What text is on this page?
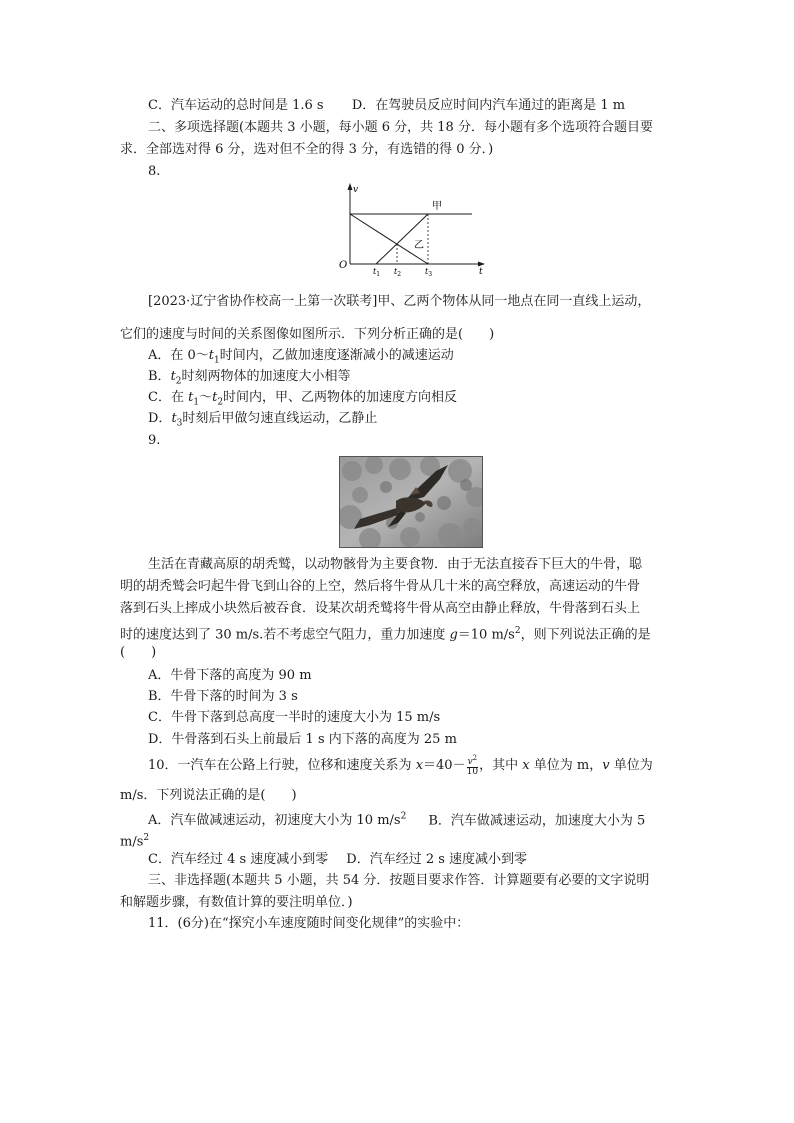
C．汽车运动的总时间是 1.6 s D．在驾驶员反应时间内汽车通过的距离是 1 m
二、多项选择题(本题共 3 小题，每小题 6 分，共 18 分．每小题有多个选项符合题目要
求．全部选对得 6 分，选对但不全的得 3 分，有选错的得 0 分．)
8.
v
t
O
甲
乙
$t_1$ $t_2$	$t_3$
[2023·辽宁省协作校高一上第一次联考]甲、乙两个物体从同一地点在同一直线上运动，
它们的速度与时间的关系图像如图所示．下列分析正确的是(　　)
A．在 $0\sim t_1$时间内，乙做加速度逐渐减小的减速运动
B．$t_2$时刻两物体的加速度大小相等
C．在 $t_1\sim t_2$时间内，甲、乙两物体的加速度方向相反
D．$t_3$时刻后甲做匀速直线运动，乙静止
9.
生活在青藏高原的胡秃鹫，以动物骸骨为主要食物．由于无法直接吞下巨大的牛骨，聪
明的胡秃鹫会叼起牛骨飞到山谷的上空，然后将牛骨从几十米的高空释放，高速运动的牛骨
落到石头上摔成小块然后被吞食．设某次胡秃鹫将牛骨从高空由静止释放，牛骨落到石头上
时的速度达到了 30 m/s.若不考虑空气阻力，重力加速度 g＝10 $m/s^2$，则下列说法正确的是
(　　)
A．牛骨下落的高度为 90 m
B．牛骨下落的时间为 3 s
C．牛骨下落到总高度一半时的速度大小为 15 m/s
D．牛骨落到石头上前最后 1 s 内下落的高度为 25 m
10．一汽车在公路上行驶，位移和速度关系为 $x=40- \frac{v^2}{10}$ ，其中 x 单位为 m，v 单位为
m/s．下列说法正确的是(　　)
A．汽车做减速运动，初速度大小为 10 $m/s^2$ B．汽车做减速运动，加速度大小为 5
$m/s^2$
C．汽车经过 4 s 速度减小到零 D．汽车经过 2 s 速度减小到零
三、非选择题(本题共 5 小题，共 54 分．按题目要求作答．计算题要有必要的文字说明
和解题步骤，有数值计算的要注明单位．)
11．(6分)在“探究小车速度随时间变化规律”的实验中：
